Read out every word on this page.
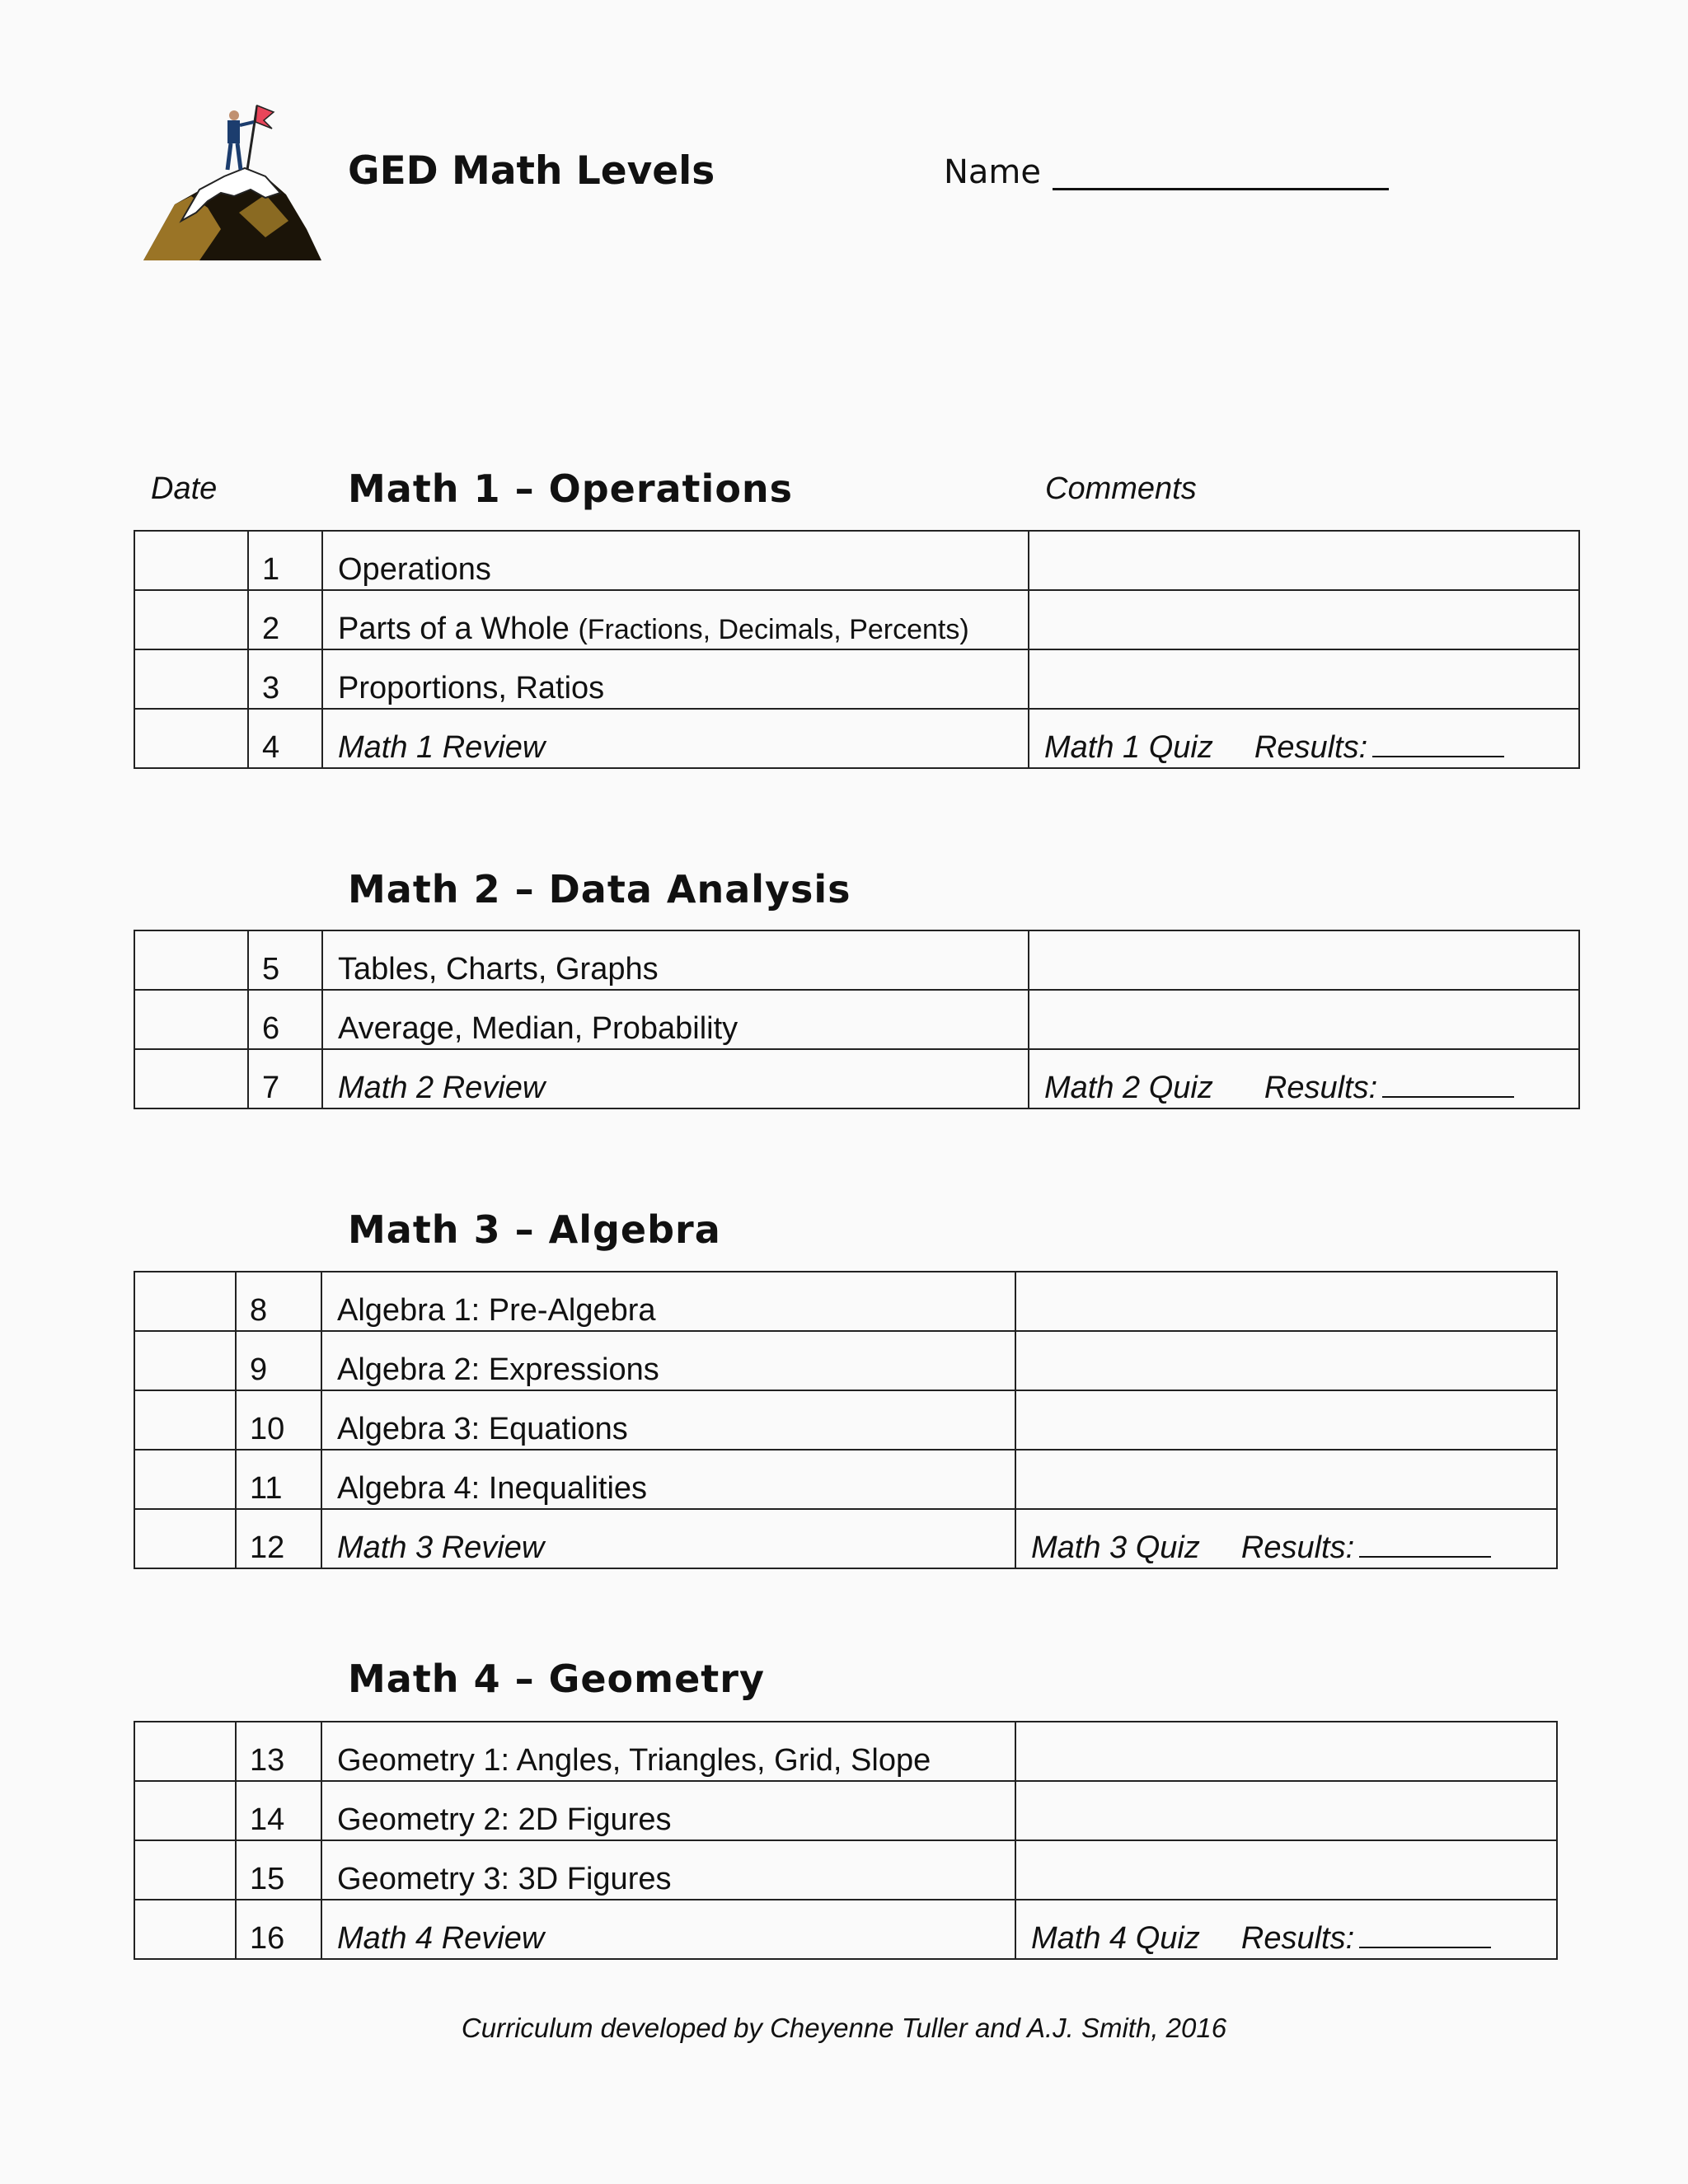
GED Math Levels	Name
Date	Comments
Math 1 – Operations
	1	Operations	
	2	Parts of a Whole (Fractions, Decimals, Percents)	
	3	Proportions, Ratios	
	4	Math 1 Review	Math 1 Quiz Results:
Math 2 – Data Analysis
	5	Tables, Charts, Graphs	
	6	Average, Median, Probability	
	7	Math 2 Review	Math 2 Quiz Results:
Math 3 – Algebra
	8	Algebra 1: Pre-Algebra	
	9	Algebra 2: Expressions	
	10	Algebra 3: Equations	
	11	Algebra 4: Inequalities	
	12	Math 3 Review	Math 3 Quiz Results:
Math 4 – Geometry
	13	Geometry 1: Angles, Triangles, Grid, Slope	
	14	Geometry 2: 2D Figures	
	15	Geometry 3: 3D Figures	
	16	Math 4 Review	Math 4 Quiz Results:
Curriculum developed by Cheyenne Tuller and A.J. Smith, 2016
